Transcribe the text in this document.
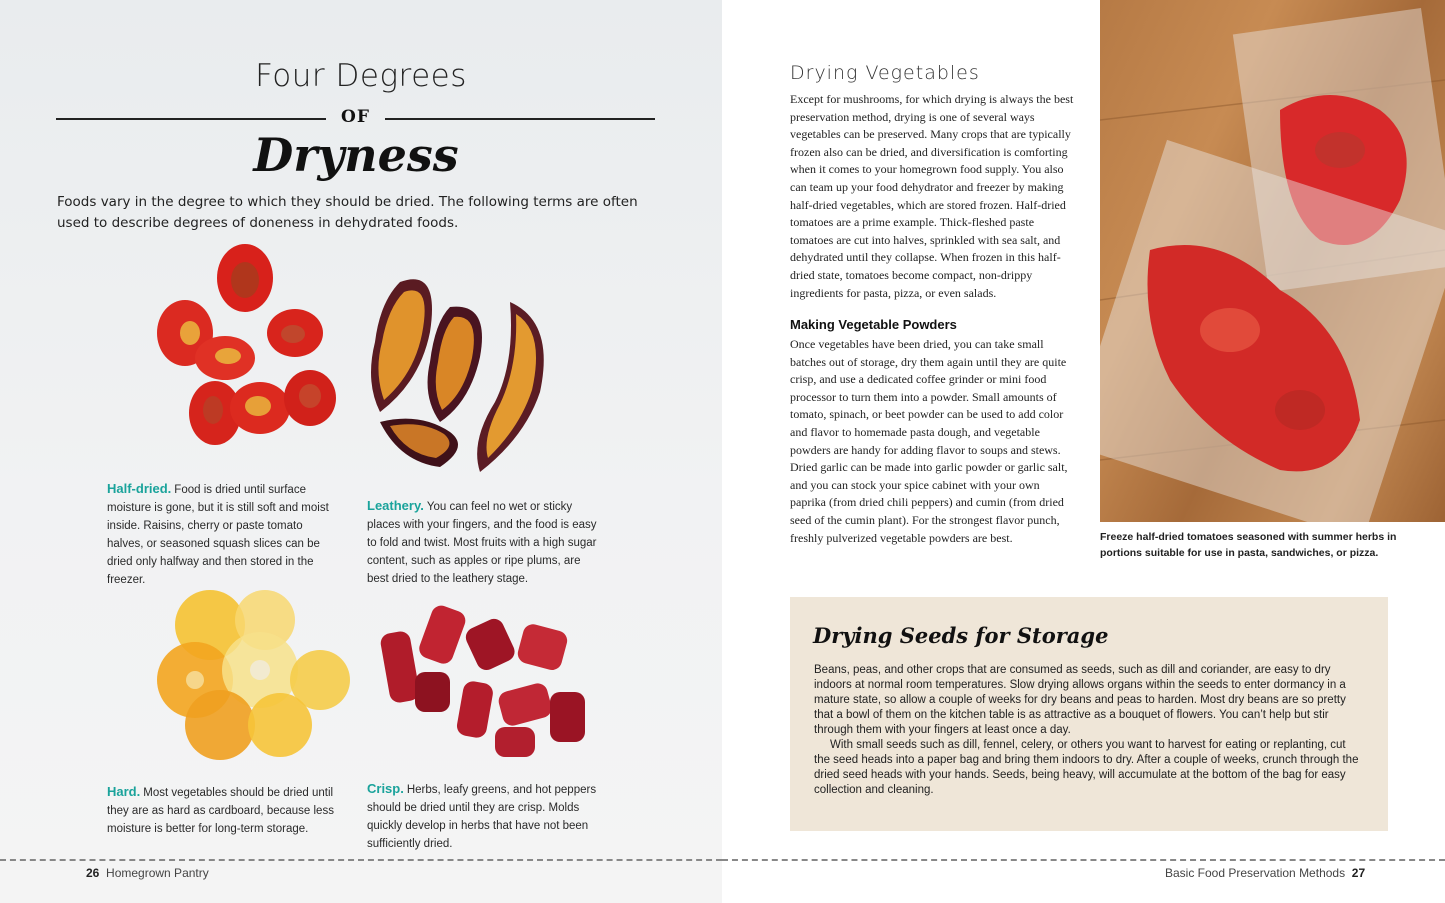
Four Degrees
OF
Dryness
Foods vary in the degree to which they should be dried. The following terms are often used to describe degrees of doneness in dehydrated foods.
Half-dried. Food is dried until surface moisture is gone, but it is still soft and moist inside. Raisins, cherry or paste tomato halves, or seasoned squash slices can be dried only halfway and then stored in the freezer.
Leathery. You can feel no wet or sticky places with your fingers, and the food is easy to fold and twist. Most fruits with a high sugar content, such as apples or ripe plums, are best dried to the leathery stage.
Hard. Most vegetables should be dried until they are as hard as cardboard, because less moisture is better for long-term storage.
Crisp. Herbs, leafy greens, and hot peppers should be dried until they are crisp. Molds quickly develop in herbs that have not been sufficiently dried.
26 Homegrown Pantry
Drying Vegetables
Except for mushrooms, for which drying is always the best preservation method, drying is one of several ways vegetables can be preserved. Many crops that are typically frozen also can be dried, and diversification is comforting when it comes to your homegrown food supply. You also can team up your food dehydrator and freezer by making half-dried vegetables, which are stored frozen. Half-dried tomatoes are a prime example. Thick-fleshed paste tomatoes are cut into halves, sprinkled with sea salt, and dehydrated until they collapse. When frozen in this half-dried state, tomatoes become compact, non-drippy ingredients for pasta, pizza, or even salads.
Making Vegetable Powders
Once vegetables have been dried, you can take small batches out of storage, dry them again until they are quite crisp, and use a dedicated coffee grinder or mini food processor to turn them into a powder. Small amounts of tomato, spinach, or beet powder can be used to add color and flavor to homemade pasta dough, and vegetable powders are handy for adding flavor to soups and stews. Dried garlic can be made into garlic powder or garlic salt, and you can stock your spice cabinet with your own paprika (from dried chili peppers) and cumin (from dried seed of the cumin plant). For the strongest flavor punch, freshly pulverized vegetable powders are best.	Freeze half-dried tomatoes seasoned with summer herbs in portions suitable for use in pasta, sandwiches, or pizza.
Drying Seeds for Storage

Beans, peas, and other crops that are consumed as seeds, such as dill and coriander, are easy to dry indoors at normal room temperatures. Slow drying allows organs within the seeds to enter dormancy in a mature state, so allow a couple of weeks for dry beans and peas to harden. Most dry beans are so pretty that a bowl of them on the kitchen table is as attractive as a bouquet of flowers. You can’t help but stir through them with your fingers at least once a day.

With small seeds such as dill, fennel, celery, or others you want to harvest for eating or replanting, cut the seed heads into a paper bag and bring them indoors to dry. After a couple of weeks, crunch through the dried seed heads with your hands. Seeds, being heavy, will accumulate at the bottom of the bag for easy collection and cleaning.

Basic Food Preservation Methods 27
